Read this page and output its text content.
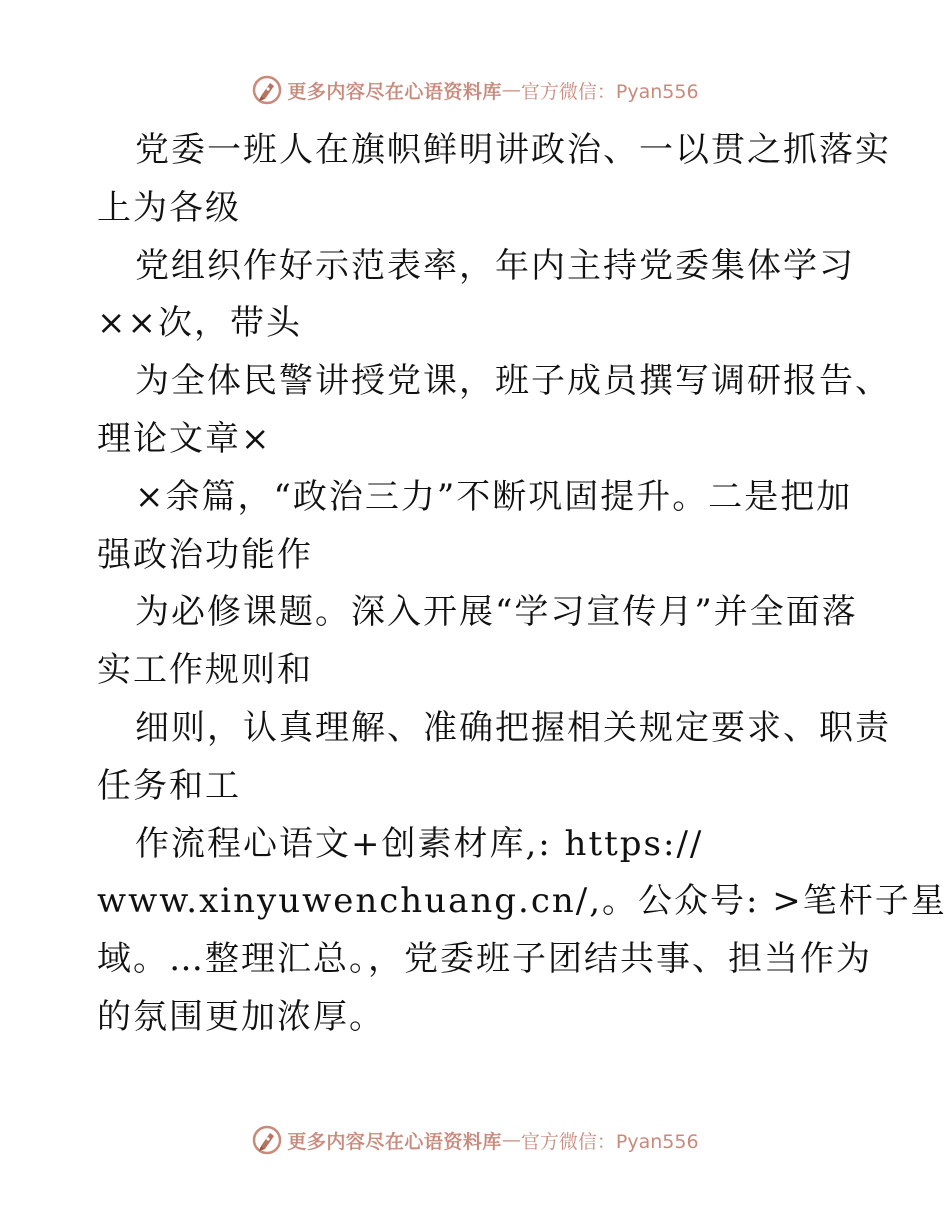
更多内容尽在心语资料库 — 官方微信：Pyan556
党委一班人在旗帜鲜明讲政治、一以贯之抓落实
上为各级
党组织作好示范表率，年内主持党委集体学习
××次，带头
为全体民警讲授党课，班子成员撰写调研报告、
理论文章×
×余篇，“政治三力”不断巩固提升。二是把加
强政治功能作
为必修课题。深入开展“学习宣传月”并全面落
实工作规则和
细则，认真理解、准确把握相关规定要求、职责
任务和工
作流程心语文+创素材库,: https://
www.xinyuwenchuang.cn/,。公众号: >笔杆子星
域。…整理汇总。，党委班子团结共事、担当作为
的氛围更加浓厚。
更多内容尽在心语资料库 — 官方微信：Pyan556
